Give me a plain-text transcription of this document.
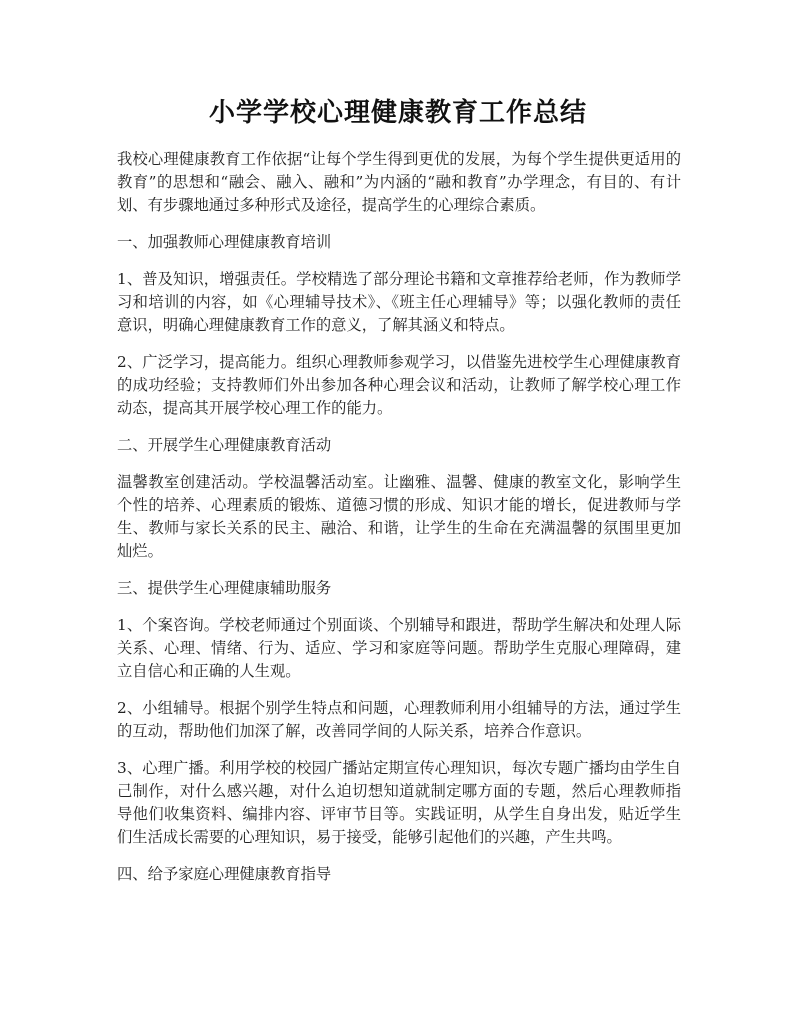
小学学校心理健康教育工作总结

我校心理健康教育工作依据“让每个学生得到更优的发展，为每个学生提供更适用的教育”的思想和“融会、融入、融和”为内涵的“融和教育”办学理念，有目的、有计划、有步骤地通过多种形式及途径，提高学生的心理综合素质。

一、加强教师心理健康教育培训

1、普及知识，增强责任。学校精选了部分理论书籍和文章推荐给老师，作为教师学习和培训的内容，如《心理辅导技术》、《班主任心理辅导》等；以强化教师的责任意识，明确心理健康教育工作的意义，了解其涵义和特点。

2、广泛学习，提高能力。组织心理教师参观学习，以借鉴先进校学生心理健康教育的成功经验；支持教师们外出参加各种心理会议和活动，让教师了解学校心理工作动态，提高其开展学校心理工作的能力。

二、开展学生心理健康教育活动

温馨教室创建活动。学校温馨活动室。让幽雅、温馨、健康的教室文化，影响学生个性的培养、心理素质的锻炼、道德习惯的形成、知识才能的增长，促进教师与学生、教师与家长关系的民主、融洽、和谐，让学生的生命在充满温馨的氛围里更加灿烂。

三、提供学生心理健康辅助服务

1、个案咨询。学校老师通过个别面谈、个别辅导和跟进，帮助学生解决和处理人际关系、心理、情绪、行为、适应、学习和家庭等问题。帮助学生克服心理障碍，建立自信心和正确的人生观。

2、小组辅导。根据个别学生特点和问题，心理教师利用小组辅导的方法，通过学生的互动，帮助他们加深了解，改善同学间的人际关系，培养合作意识。

3、心理广播。利用学校的校园广播站定期宣传心理知识，每次专题广播均由学生自己制作，对什么感兴趣，对什么迫切想知道就制定哪方面的专题，然后心理教师指导他们收集资料、编排内容、评审节目等。实践证明，从学生自身出发，贴近学生们生活成长需要的心理知识，易于接受，能够引起他们的兴趣，产生共鸣。

四、给予家庭心理健康教育指导
